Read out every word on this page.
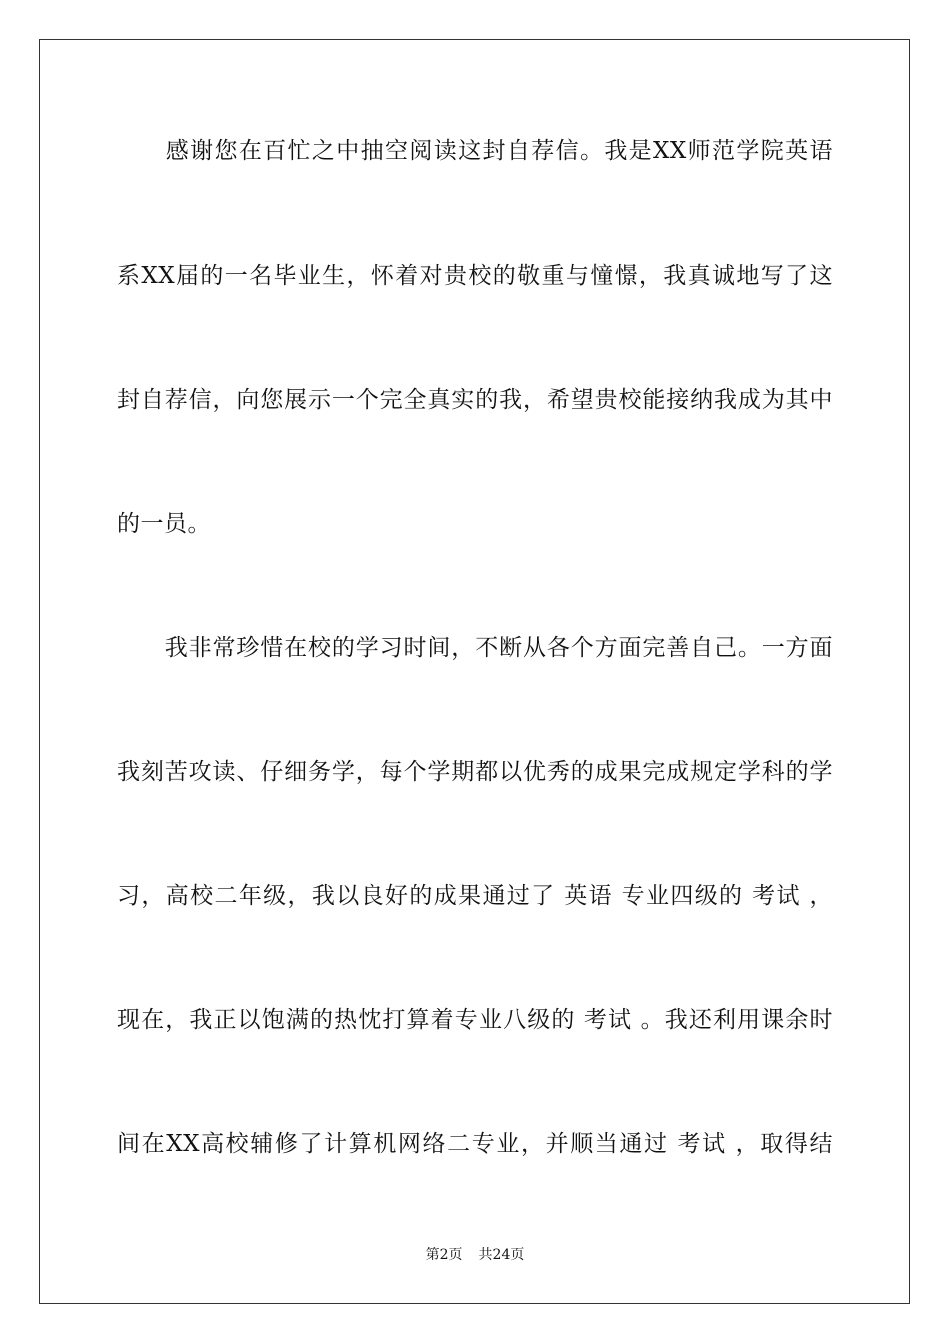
　　感谢您在百忙之中抽空阅读这封自荐信。我是XX师范学院英语
系XX届的一名毕业生，怀着对贵校的敬重与憧憬，我真诚地写了这
封自荐信，向您展示一个完全真实的我，希望贵校能接纳我成为其中
的一员。
　　我非常珍惜在校的学习时间，不断从各个方面完善自己。一方面
我刻苦攻读、仔细务学，每个学期都以优秀的成果完成规定学科的学
习，高校二年级，我以良好的成果通过了 英语 专业四级的 考试 ，
现在，我正以饱满的热忱打算着专业八级的 考试 。我还利用课余时
间在XX高校辅修了计算机网络二专业，并顺当通过 考试 ，取得结
第2页 共24页
